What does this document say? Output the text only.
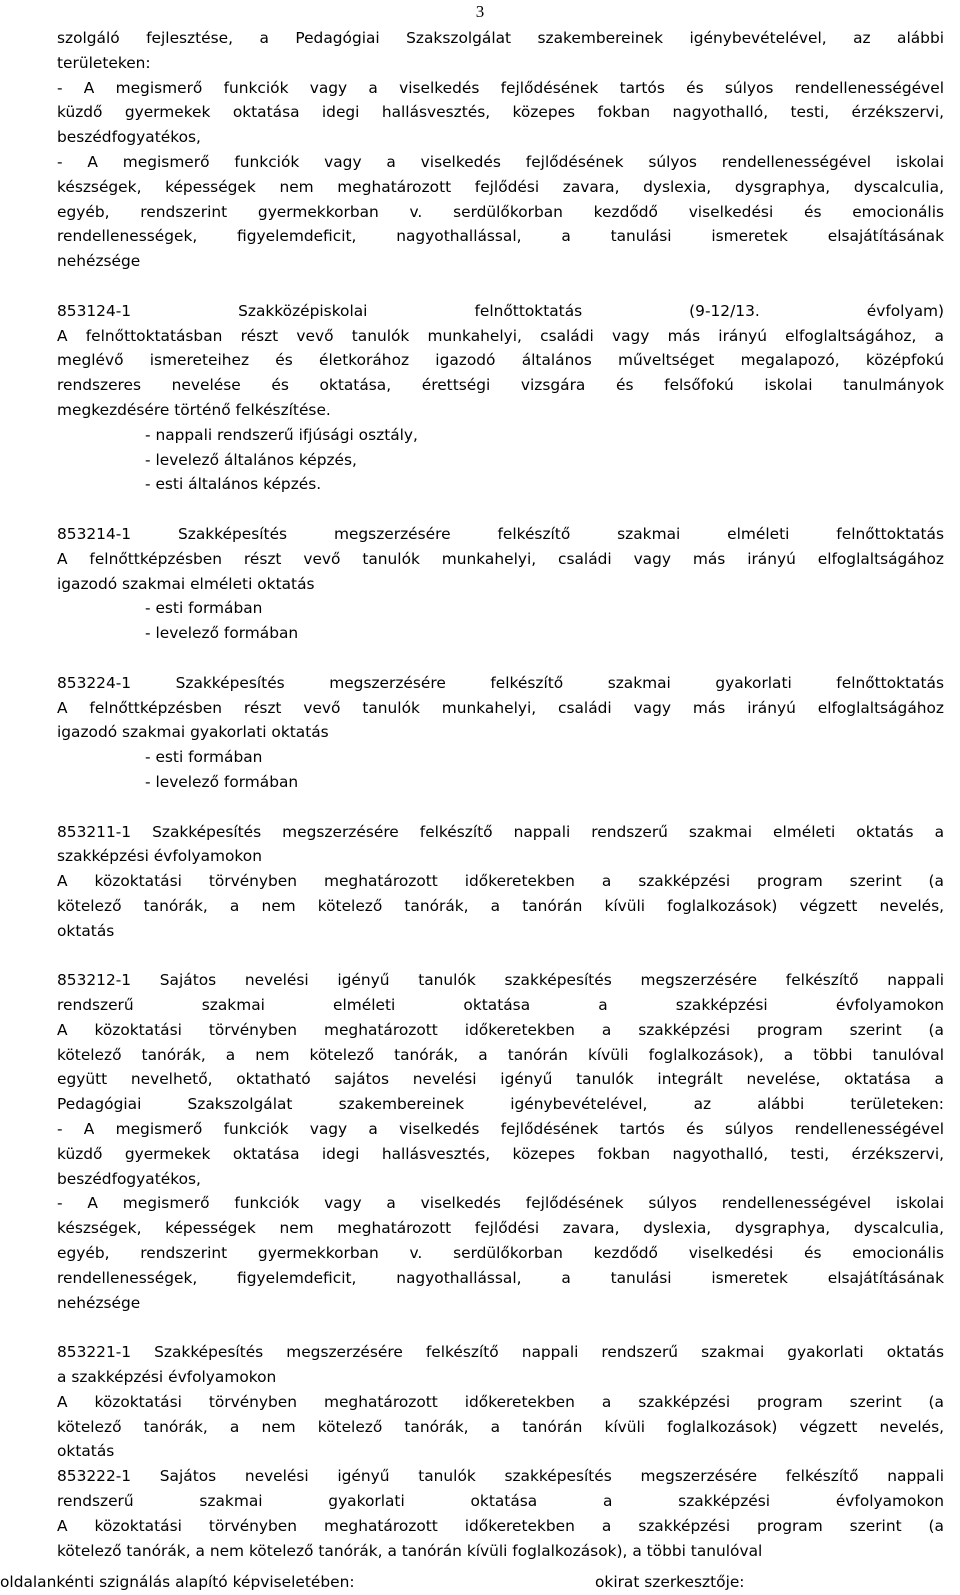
3
szolgáló fejlesztése, a Pedagógiai Szakszolgálat szakembereinek igénybevételével, az alábbi
területeken:
- A megismerő funkciók vagy a viselkedés fejlődésének tartós és súlyos rendellenességével
küzdő gyermekek oktatása idegi hallásvesztés, közepes fokban nagyothalló, testi, érzékszervi,
beszédfogyatékos,
- A megismerő funkciók vagy a viselkedés fejlődésének súlyos rendellenességével iskolai
készségek, képességek nem meghatározott fejlődési zavara, dyslexia, dysgraphya, dyscalculia,
egyéb, rendszerint gyermekkorban v. serdülőkorban kezdődő viselkedési és emocionális
rendellenességek, figyelemdeficit, nagyothallással, a tanulási ismeretek elsajátításának
nehézsége
853124-1 Szakközépiskolai felnőttoktatás (9-12/13. évfolyam)
A felnőttoktatásban részt vevő tanulók munkahelyi, családi vagy más irányú elfoglaltságához, a
meglévő ismereteihez és életkorához igazodó általános műveltséget megalapozó, középfokú
rendszeres nevelése és oktatása, érettségi vizsgára és felsőfokú iskolai tanulmányok
megkezdésére történő felkészítése.
- nappali rendszerű ifjúsági osztály,
- levelező általános képzés,
- esti általános képzés.
853214-1 Szakképesítés megszerzésére felkészítő szakmai elméleti felnőttoktatás
A felnőttképzésben részt vevő tanulók munkahelyi, családi vagy más irányú elfoglaltságához
igazodó szakmai elméleti oktatás
- esti formában
- levelező formában
853224-1 Szakképesítés megszerzésére felkészítő szakmai gyakorlati felnőttoktatás
A felnőttképzésben részt vevő tanulók munkahelyi, családi vagy más irányú elfoglaltságához
igazodó szakmai gyakorlati oktatás
- esti formában
- levelező formában
853211-1 Szakképesítés megszerzésére felkészítő nappali rendszerű szakmai elméleti oktatás a
szakképzési évfolyamokon
A közoktatási törvényben meghatározott időkeretekben a szakképzési program szerint (a
kötelező tanórák, a nem kötelező tanórák, a tanórán kívüli foglalkozások) végzett nevelés,
oktatás
853212-1 Sajátos nevelési igényű tanulók szakképesítés megszerzésére felkészítő nappali
rendszerű szakmai elméleti oktatása a szakképzési évfolyamokon
A közoktatási törvényben meghatározott időkeretekben a szakképzési program szerint (a
kötelező tanórák, a nem kötelező tanórák, a tanórán kívüli foglalkozások), a többi tanulóval
együtt nevelhető, oktatható sajátos nevelési igényű tanulók integrált nevelése, oktatása a
Pedagógiai Szakszolgálat szakembereinek igénybevételével, az alábbi területeken:
- A megismerő funkciók vagy a viselkedés fejlődésének tartós és súlyos rendellenességével
küzdő gyermekek oktatása idegi hallásvesztés, közepes fokban nagyothalló, testi, érzékszervi,
beszédfogyatékos,
- A megismerő funkciók vagy a viselkedés fejlődésének súlyos rendellenességével iskolai
készségek, képességek nem meghatározott fejlődési zavara, dyslexia, dysgraphya, dyscalculia,
egyéb, rendszerint gyermekkorban v. serdülőkorban kezdődő viselkedési és emocionális
rendellenességek, figyelemdeficit, nagyothallással, a tanulási ismeretek elsajátításának
nehézsége
853221-1 Szakképesítés megszerzésére felkészítő nappali rendszerű szakmai gyakorlati oktatás
a szakképzési évfolyamokon
A közoktatási törvényben meghatározott időkeretekben a szakképzési program szerint (a
kötelező tanórák, a nem kötelező tanórák, a tanórán kívüli foglalkozások) végzett nevelés,
oktatás
853222-1 Sajátos nevelési igényű tanulók szakképesítés megszerzésére felkészítő nappali
rendszerű szakmai gyakorlati oktatása a szakképzési évfolyamokon
A közoktatási törvényben meghatározott időkeretekben a szakképzési program szerint (a
kötelező tanórák, a nem kötelező tanórák, a tanórán kívüli foglalkozások), a többi tanulóval
oldalankénti szignálás alapító képviseletében:	okirat szerkesztője:
